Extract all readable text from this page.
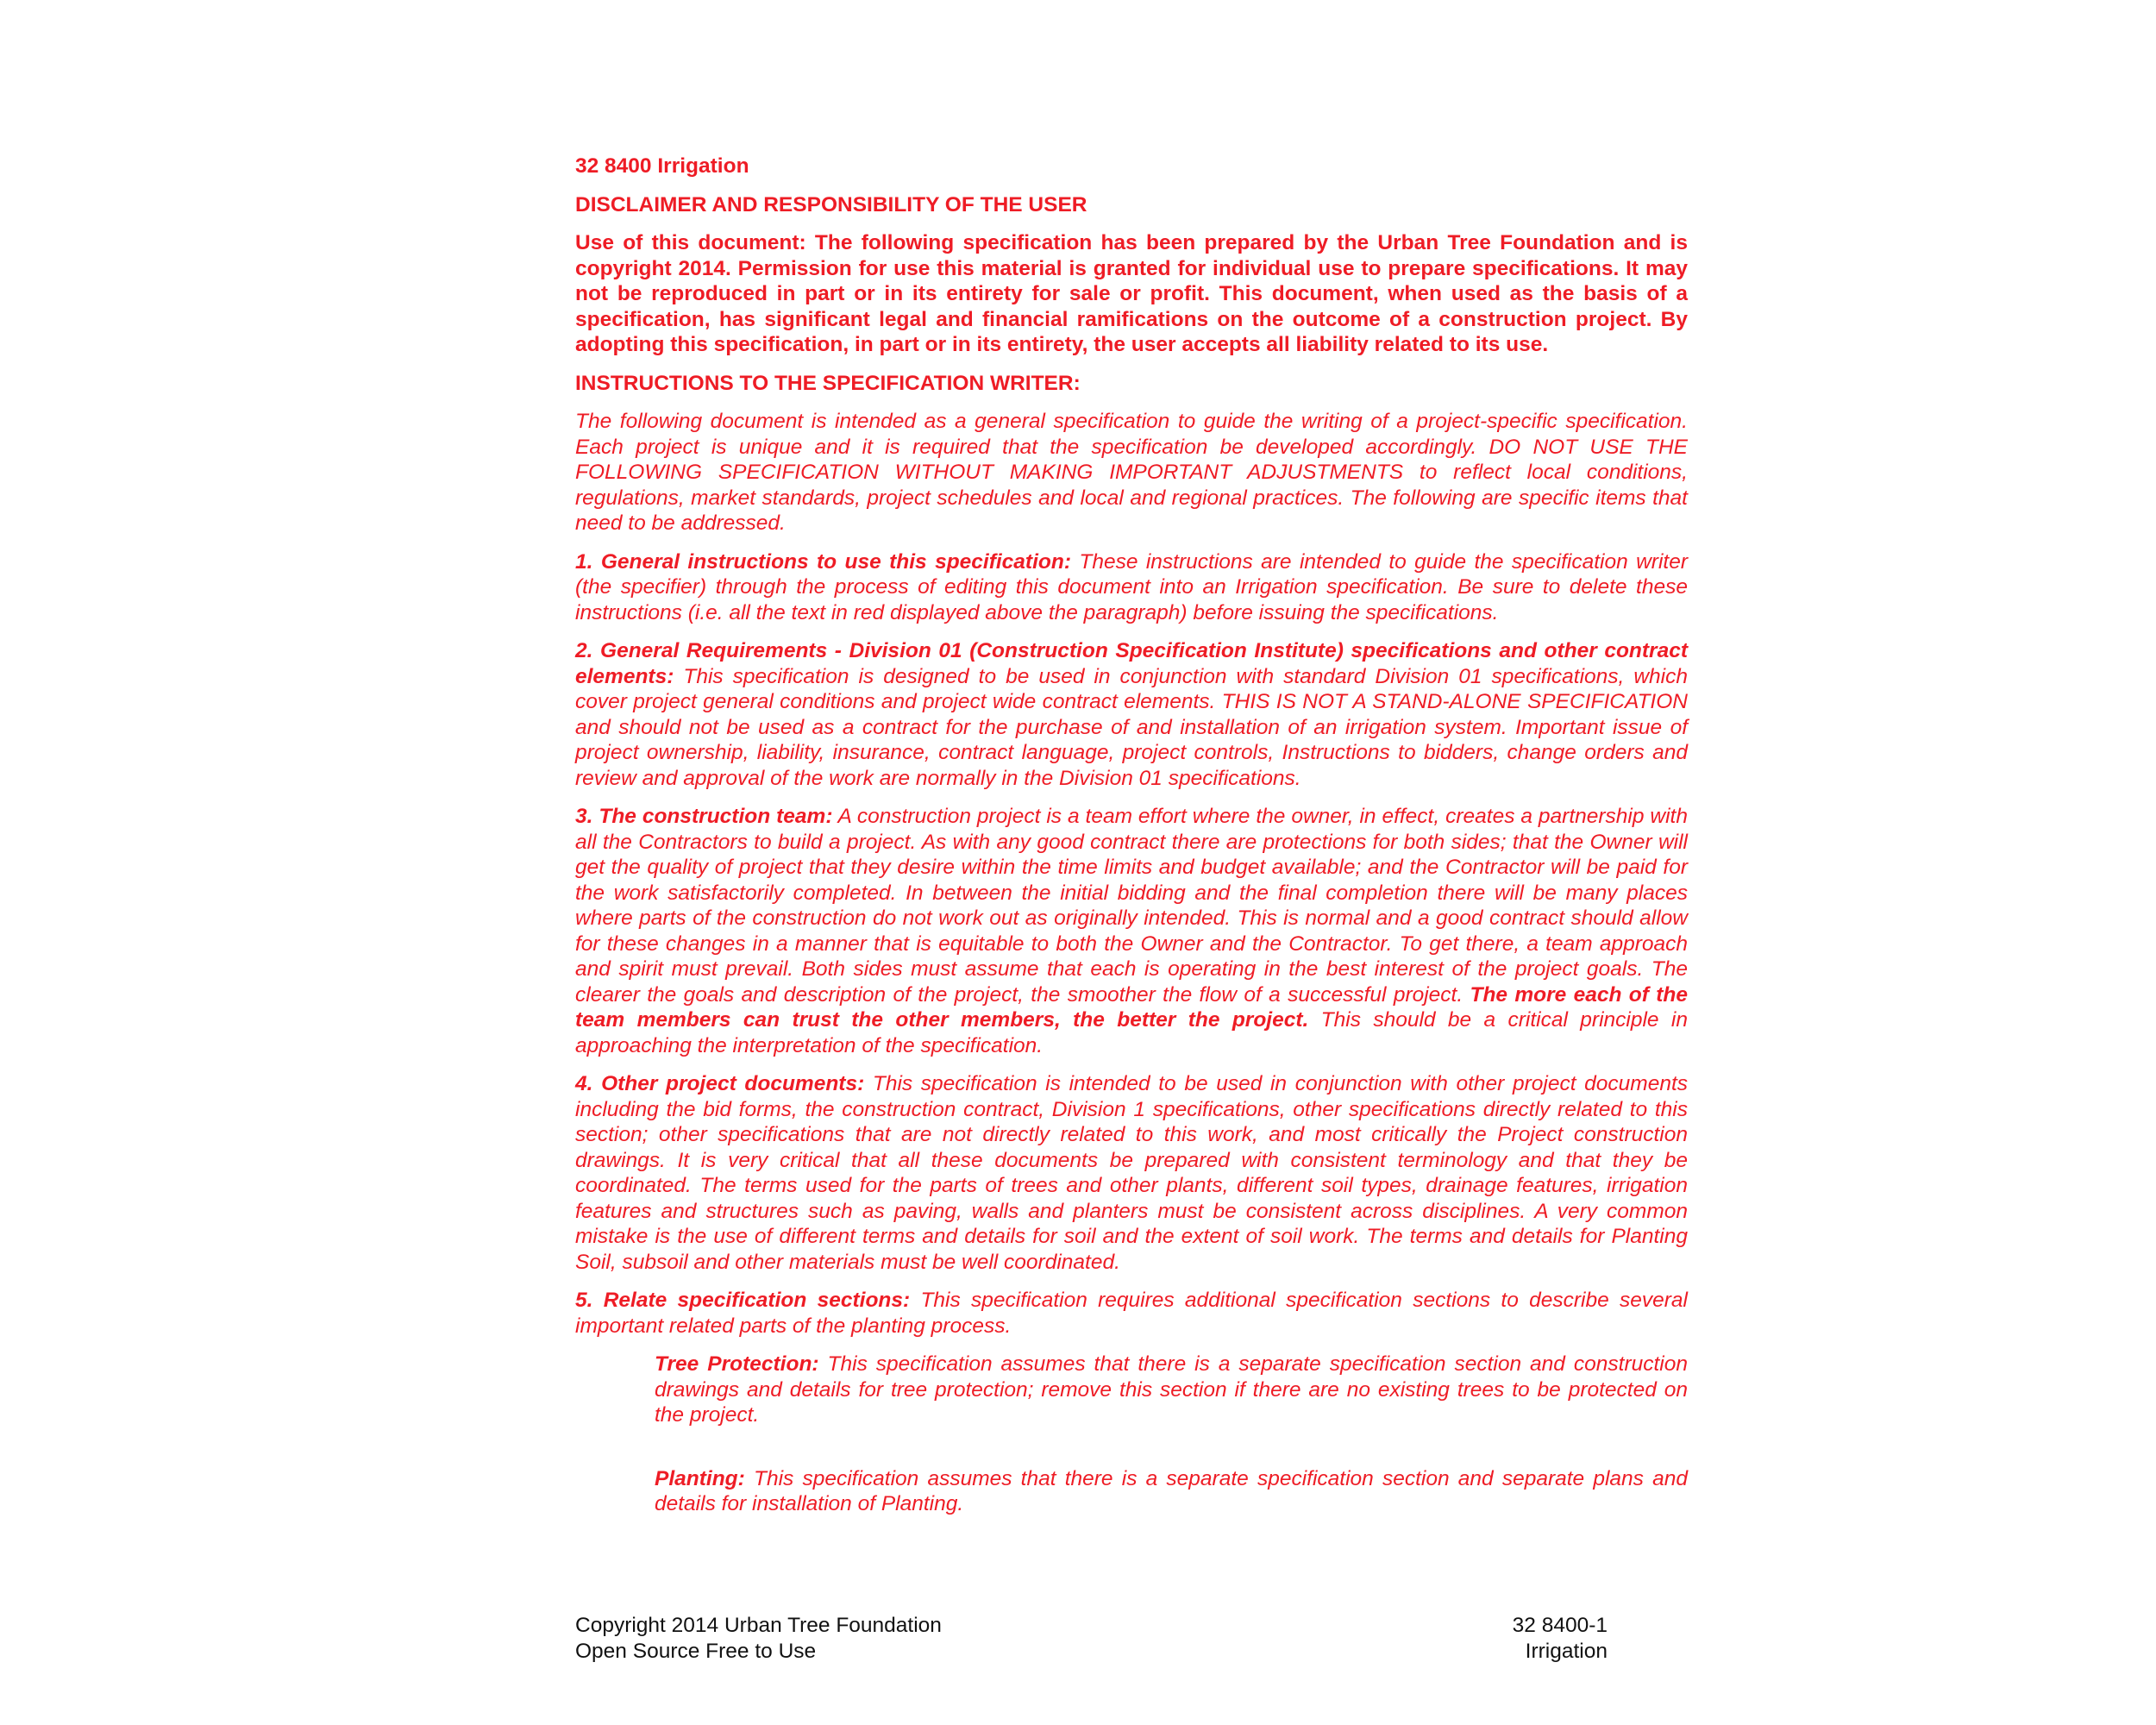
32 8400 Irrigation

DISCLAIMER AND RESPONSIBILITY OF THE USER

Use of this document: The following specification has been prepared by the Urban Tree Foundation and is copyright 2014. Permission for use this material is granted for individual use to prepare specifications. It may not be reproduced in part or in its entirety for sale or profit. This document, when used as the basis of a specification, has significant legal and financial ramifications on the outcome of a construction project. By adopting this specification, in part or in its entirety, the user accepts all liability related to its use.

INSTRUCTIONS TO THE SPECIFICATION WRITER:

The following document is intended as a general specification to guide the writing of a project-specific specification. Each project is unique and it is required that the specification be developed accordingly. DO NOT USE THE FOLLOWING SPECIFICATION WITHOUT MAKING IMPORTANT ADJUSTMENTS to reflect local conditions, regulations, market standards, project schedules and local and regional practices. The following are specific items that need to be addressed.

1. General instructions to use this specification: These instructions are intended to guide the specification writer (the specifier) through the process of editing this document into an Irrigation specification. Be sure to delete these instructions (i.e. all the text in red displayed above the paragraph) before issuing the specifications.

2. General Requirements - Division 01 (Construction Specification Institute) specifications and other contract elements: This specification is designed to be used in conjunction with standard Division 01 specifications, which cover project general conditions and project wide contract elements. THIS IS NOT A STAND-ALONE SPECIFICATION and should not be used as a contract for the purchase of and installation of an irrigation system. Important issue of project ownership, liability, insurance, contract language, project controls, Instructions to bidders, change orders and review and approval of the work are normally in the Division 01 specifications.

3. The construction team: A construction project is a team effort where the owner, in effect, creates a partnership with all the Contractors to build a project. As with any good contract there are protections for both sides; that the Owner will get the quality of project that they desire within the time limits and budget available; and the Contractor will be paid for the work satisfactorily completed. In between the initial bidding and the final completion there will be many places where parts of the construction do not work out as originally intended. This is normal and a good contract should allow for these changes in a manner that is equitable to both the Owner and the Contractor. To get there, a team approach and spirit must prevail. Both sides must assume that each is operating in the best interest of the project goals. The clearer the goals and description of the project, the smoother the flow of a successful project. The more each of the team members can trust the other members, the better the project. This should be a critical principle in approaching the interpretation of the specification.

4. Other project documents: This specification is intended to be used in conjunction with other project documents including the bid forms, the construction contract, Division 1 specifications, other specifications directly related to this section; other specifications that are not directly related to this work, and most critically the Project construction drawings. It is very critical that all these documents be prepared with consistent terminology and that they be coordinated. The terms used for the parts of trees and other plants, different soil types, drainage features, irrigation features and structures such as paving, walls and planters must be consistent across disciplines. A very common mistake is the use of different terms and details for soil and the extent of soil work. The terms and details for Planting Soil, subsoil and other materials must be well coordinated.

5. Relate specification sections: This specification requires additional specification sections to describe several important related parts of the planting process.

Tree Protection: This specification assumes that there is a separate specification section and construction drawings and details for tree protection; remove this section if there are no existing trees to be protected on the project.

Planting: This specification assumes that there is a separate specification section and separate plans and details for installation of Planting.

Copyright 2014 Urban Tree Foundation
Open Source Free to Use
32 8400-1
Irrigation
